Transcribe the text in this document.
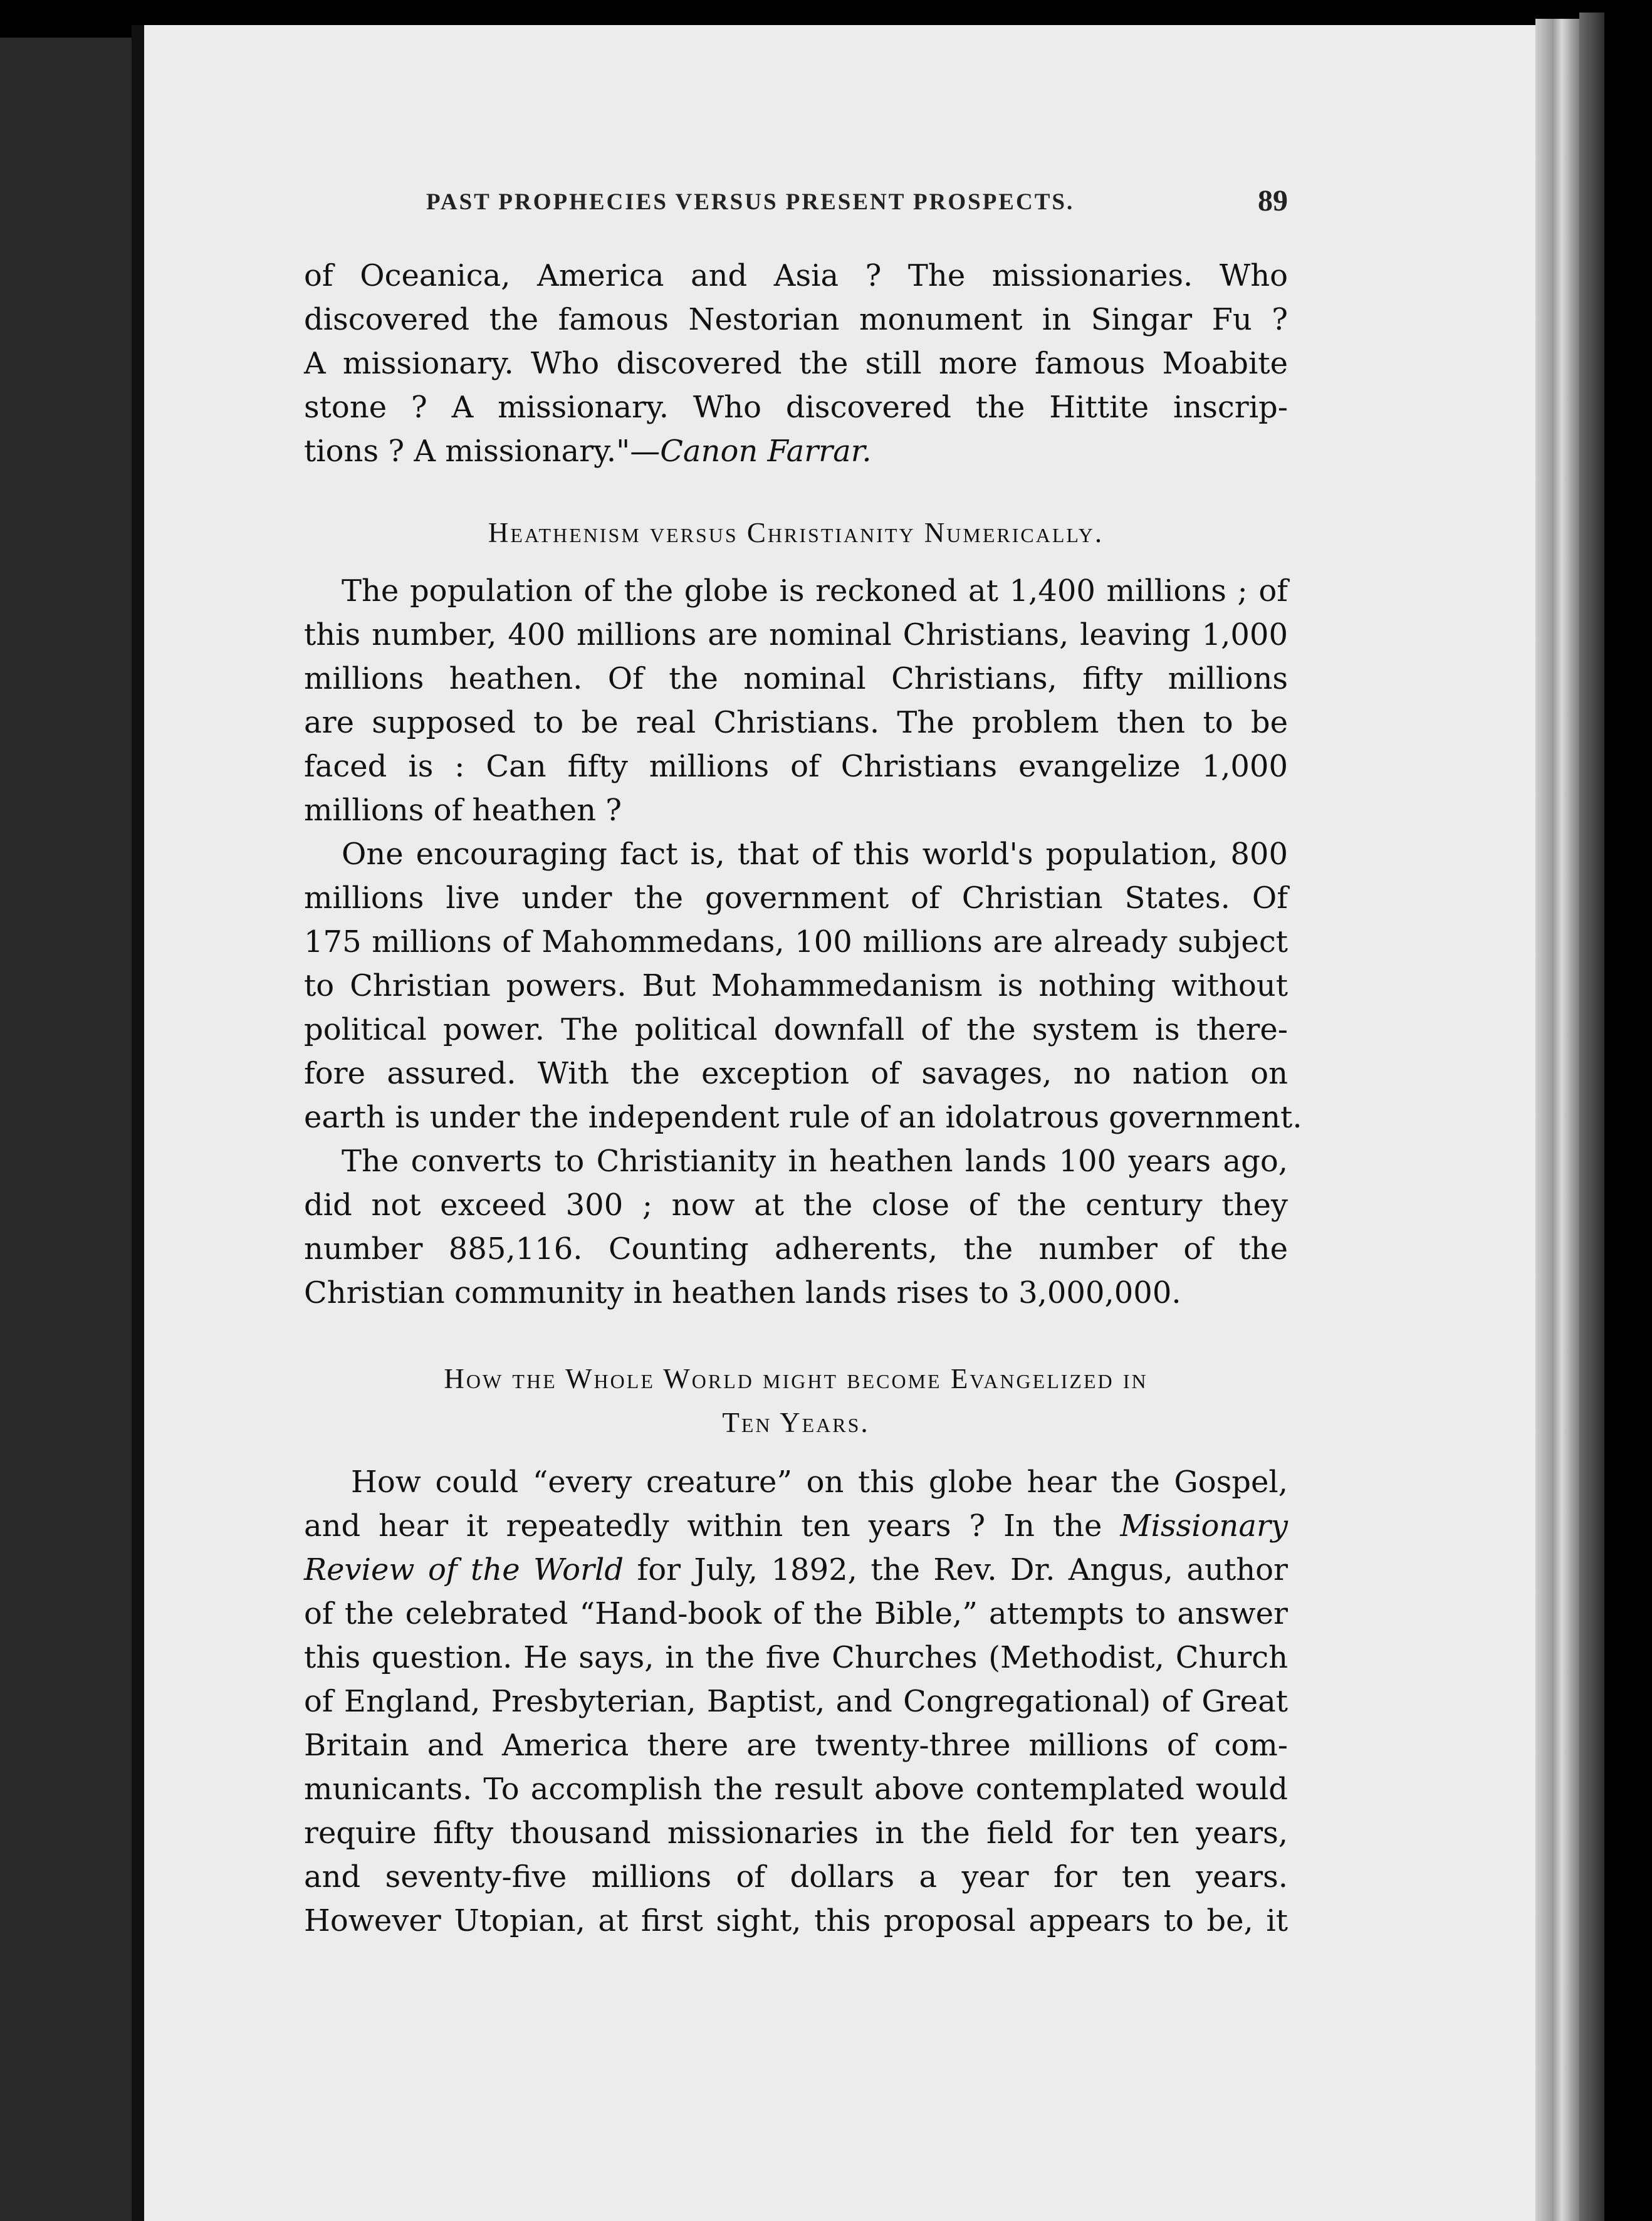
PAST PROPHECIES VERSUS PRESENT PROSPECTS.	89
of Oceanica, America and Asia ? The missionaries. Who
discovered the famous Nestorian monument in Singar Fu ?
A missionary. Who discovered the still more famous Moabite
stone ? A missionary. Who discovered the Hittite inscrip-
tions ? A missionary."—Canon Farrar.
Heathenism versus Christianity Numerically.
The population of the globe is reckoned at 1,400 millions ; of
this number, 400 millions are nominal Christians, leaving 1,000
millions heathen. Of the nominal Christians, fifty millions
are supposed to be real Christians. The problem then to be
faced is : Can fifty millions of Christians evangelize 1,000
millions of heathen ?
One encouraging fact is, that of this world's population, 800
millions live under the government of Christian States. Of
175 millions of Mahommedans, 100 millions are already subject
to Christian powers. But Mohammedanism is nothing without
political power. The political downfall of the system is there-
fore assured. With the exception of savages, no nation on
earth is under the independent rule of an idolatrous government.
The converts to Christianity in heathen lands 100 years ago,
did not exceed 300 ; now at the close of the century they
number 885,116. Counting adherents, the number of the
Christian community in heathen lands rises to 3,000,000.
How the Whole World might become Evangelized in
Ten Years.
How could “every creature” on this globe hear the Gospel,
and hear it repeatedly within ten years ? In the Missionary
Review of the World for July, 1892, the Rev. Dr. Angus, author
of the celebrated “Hand-book of the Bible,” attempts to answer
this question. He says, in the five Churches (Methodist, Church
of England, Presbyterian, Baptist, and Congregational) of Great
Britain and America there are twenty-three millions of com-
municants. To accomplish the result above contemplated would
require fifty thousand missionaries in the field for ten years,
and seventy-five millions of dollars a year for ten years.
However Utopian, at first sight, this proposal appears to be, it
